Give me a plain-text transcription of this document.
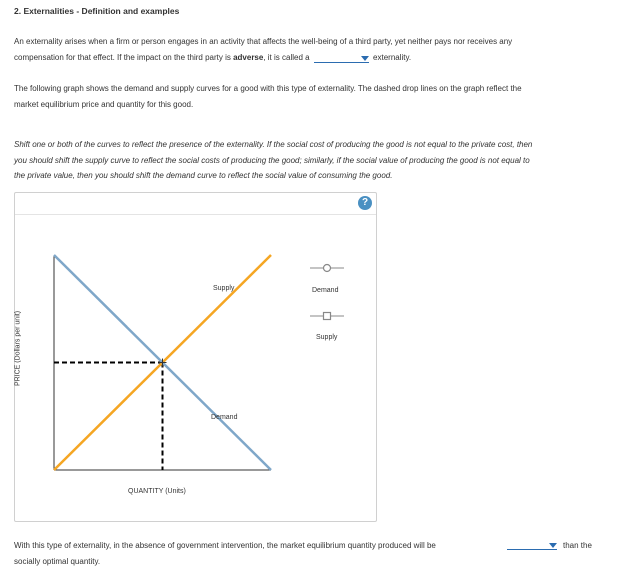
2. Externalities - Definition and examples
An externality arises when a firm or person engages in an activity that affects the well-being of a third party, yet neither pays nor receives any
compensation for that effect. If the impact on the third party is adverse, it is called a	externality.
The following graph shows the demand and supply curves for a good with this type of externality. The dashed drop lines on the graph reflect the
market equilibrium price and quantity for this good.
Shift one or both of the curves to reflect the presence of the externality. If the social cost of producing the good is not equal to the private cost, then
you should shift the supply curve to reflect the social costs of producing the good; similarly, if the social value of producing the good is not equal to
the private value, then you should shift the demand curve to reflect the social value of consuming the good.
?
PRICE (Dollars per unit)
QUANTITY (Units)
Supply
Demand
Demand
Supply
With this type of externality, in the absence of government intervention, the market equilibrium quantity produced will be
socially optimal quantity.
than the
